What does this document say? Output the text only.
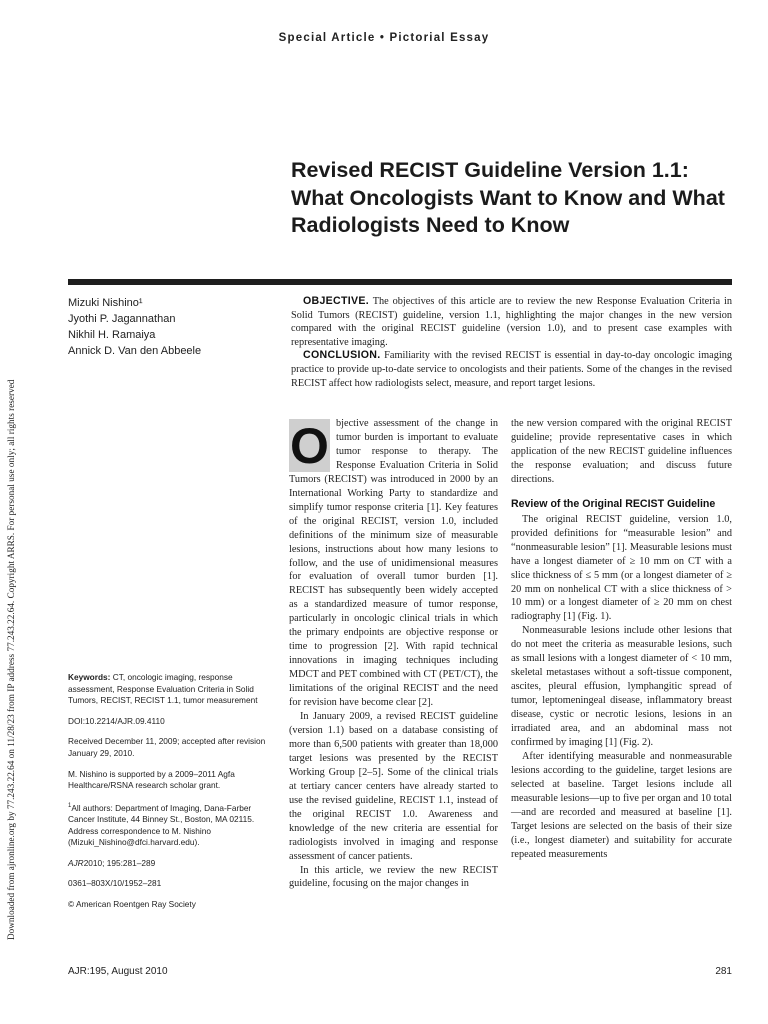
Downloaded from ajronline.org by 77.243.22.64 on 11/28/23 from IP address 77.243.22.64. Copyright ARRS. For personal use only; all rights reserved
Special Article • Pictorial Essay
Revised RECIST Guideline Version 1.1: What Oncologists Want to Know and What Radiologists Need to Know
Mizuki Nishino¹
Jyothi P. Jagannathan
Nikhil H. Ramaiya
Annick D. Van den Abbeele

OBJECTIVE. The objectives of this article are to review the new Response Evaluation Criteria in Solid Tumors (RECIST) guideline, version 1.1, highlighting the major changes in the new version compared with the original RECIST guideline (version 1.0), and to present case examples with representative imaging.

CONCLUSION. Familiarity with the revised RECIST is essential in day-to-day oncologic imaging practice to provide up-to-date service to oncologists and their patients. Some of the changes in the revised RECIST affect how radiologists select, measure, and report target lesions.

Keywords: CT, oncologic imaging, response assessment, Response Evaluation Criteria in Solid Tumors, RECIST, RECIST 1.1, tumor measurement

DOI:10.2214/AJR.09.4110

Received December 11, 2009; accepted after revision January 29, 2010.

M. Nishino is supported by a 2009–2011 Agfa Healthcare/RSNA research scholar grant.

$^1$All authors: Department of Imaging, Dana-Farber Cancer Institute, 44 Binney St., Boston, MA 02115. Address correspondence to M. Nishino (Mizuki_Nishino@dfci.harvard.edu).

AJR2010; 195:281–289

0361–803X/10/1952–281

© American Roentgen Ray Society

O bjective assessment of the change in tumor burden is important to evaluate tumor response to therapy. The Response Evaluation Criteria in Solid Tumors (RECIST) was introduced in 2000 by an International Working Party to standardize and simplify tumor response criteria [1]. Key features of the original RECIST, version 1.0, included definitions of the minimum size of measurable lesions, instructions about how many lesions to follow, and the use of unidimensional measures for evaluation of overall tumor burden [1]. RECIST has subsequently been widely accepted as a standardized measure of tumor response, particularly in oncologic clinical trials in which the primary endpoints are objective response or time to progression [2]. With rapid technical innovations in imaging techniques including MDCT and PET combined with CT (PET/CT), the limitations of the original RECIST and the need for revision have become clear [2].

In January 2009, a revised RECIST guideline (version 1.1) based on a database consisting of more than 6,500 patients with greater than 18,000 target lesions was presented by the RECIST Working Group [2–5]. Some of the clinical trials at tertiary cancer centers have already started to use the revised guideline, RECIST 1.1, instead of the original RECIST 1.0. Awareness and knowledge of the new criteria are essential for radiologists involved in imaging and response assessment of cancer patients.

In this article, we review the new RECIST guideline, focusing on the major changes in

the new version compared with the original RECIST guideline; provide representative cases in which application of the new RECIST guideline influences the response evaluation; and discuss future directions.

Review of the Original RECIST Guideline

The original RECIST guideline, version 1.0, provided definitions for “measurable lesion” and “nonmeasurable lesion” [1]. Measurable lesions must have a longest diameter of ≥ 10 mm on CT with a slice thickness of ≤ 5 mm (or a longest diameter of ≥ 20 mm on nonhelical CT with a slice thickness of > 10 mm) or a longest diameter of ≥ 20 mm on chest radiography [1] (Fig. 1).

Nonmeasurable lesions include other lesions that do not meet the criteria as measurable lesions, such as small lesions with a longest diameter of < 10 mm, skeletal metastases without a soft-tissue component, ascites, pleural effusion, lymphangitic spread of tumor, leptomeningeal disease, inflammatory breast disease, cystic or necrotic lesions, lesions in an irradiated area, and an abdominal mass not confirmed by imaging [1] (Fig. 2).

After identifying measurable and nonmeasurable lesions according to the guideline, target lesions are selected at baseline. Target lesions include all measurable lesions—up to five per organ and 10 total—and are recorded and measured at baseline [1]. Target lesions are selected on the basis of their size (i.e., longest diameter) and suitability for accurate repeated measurements

AJR:195, August 2010	281
